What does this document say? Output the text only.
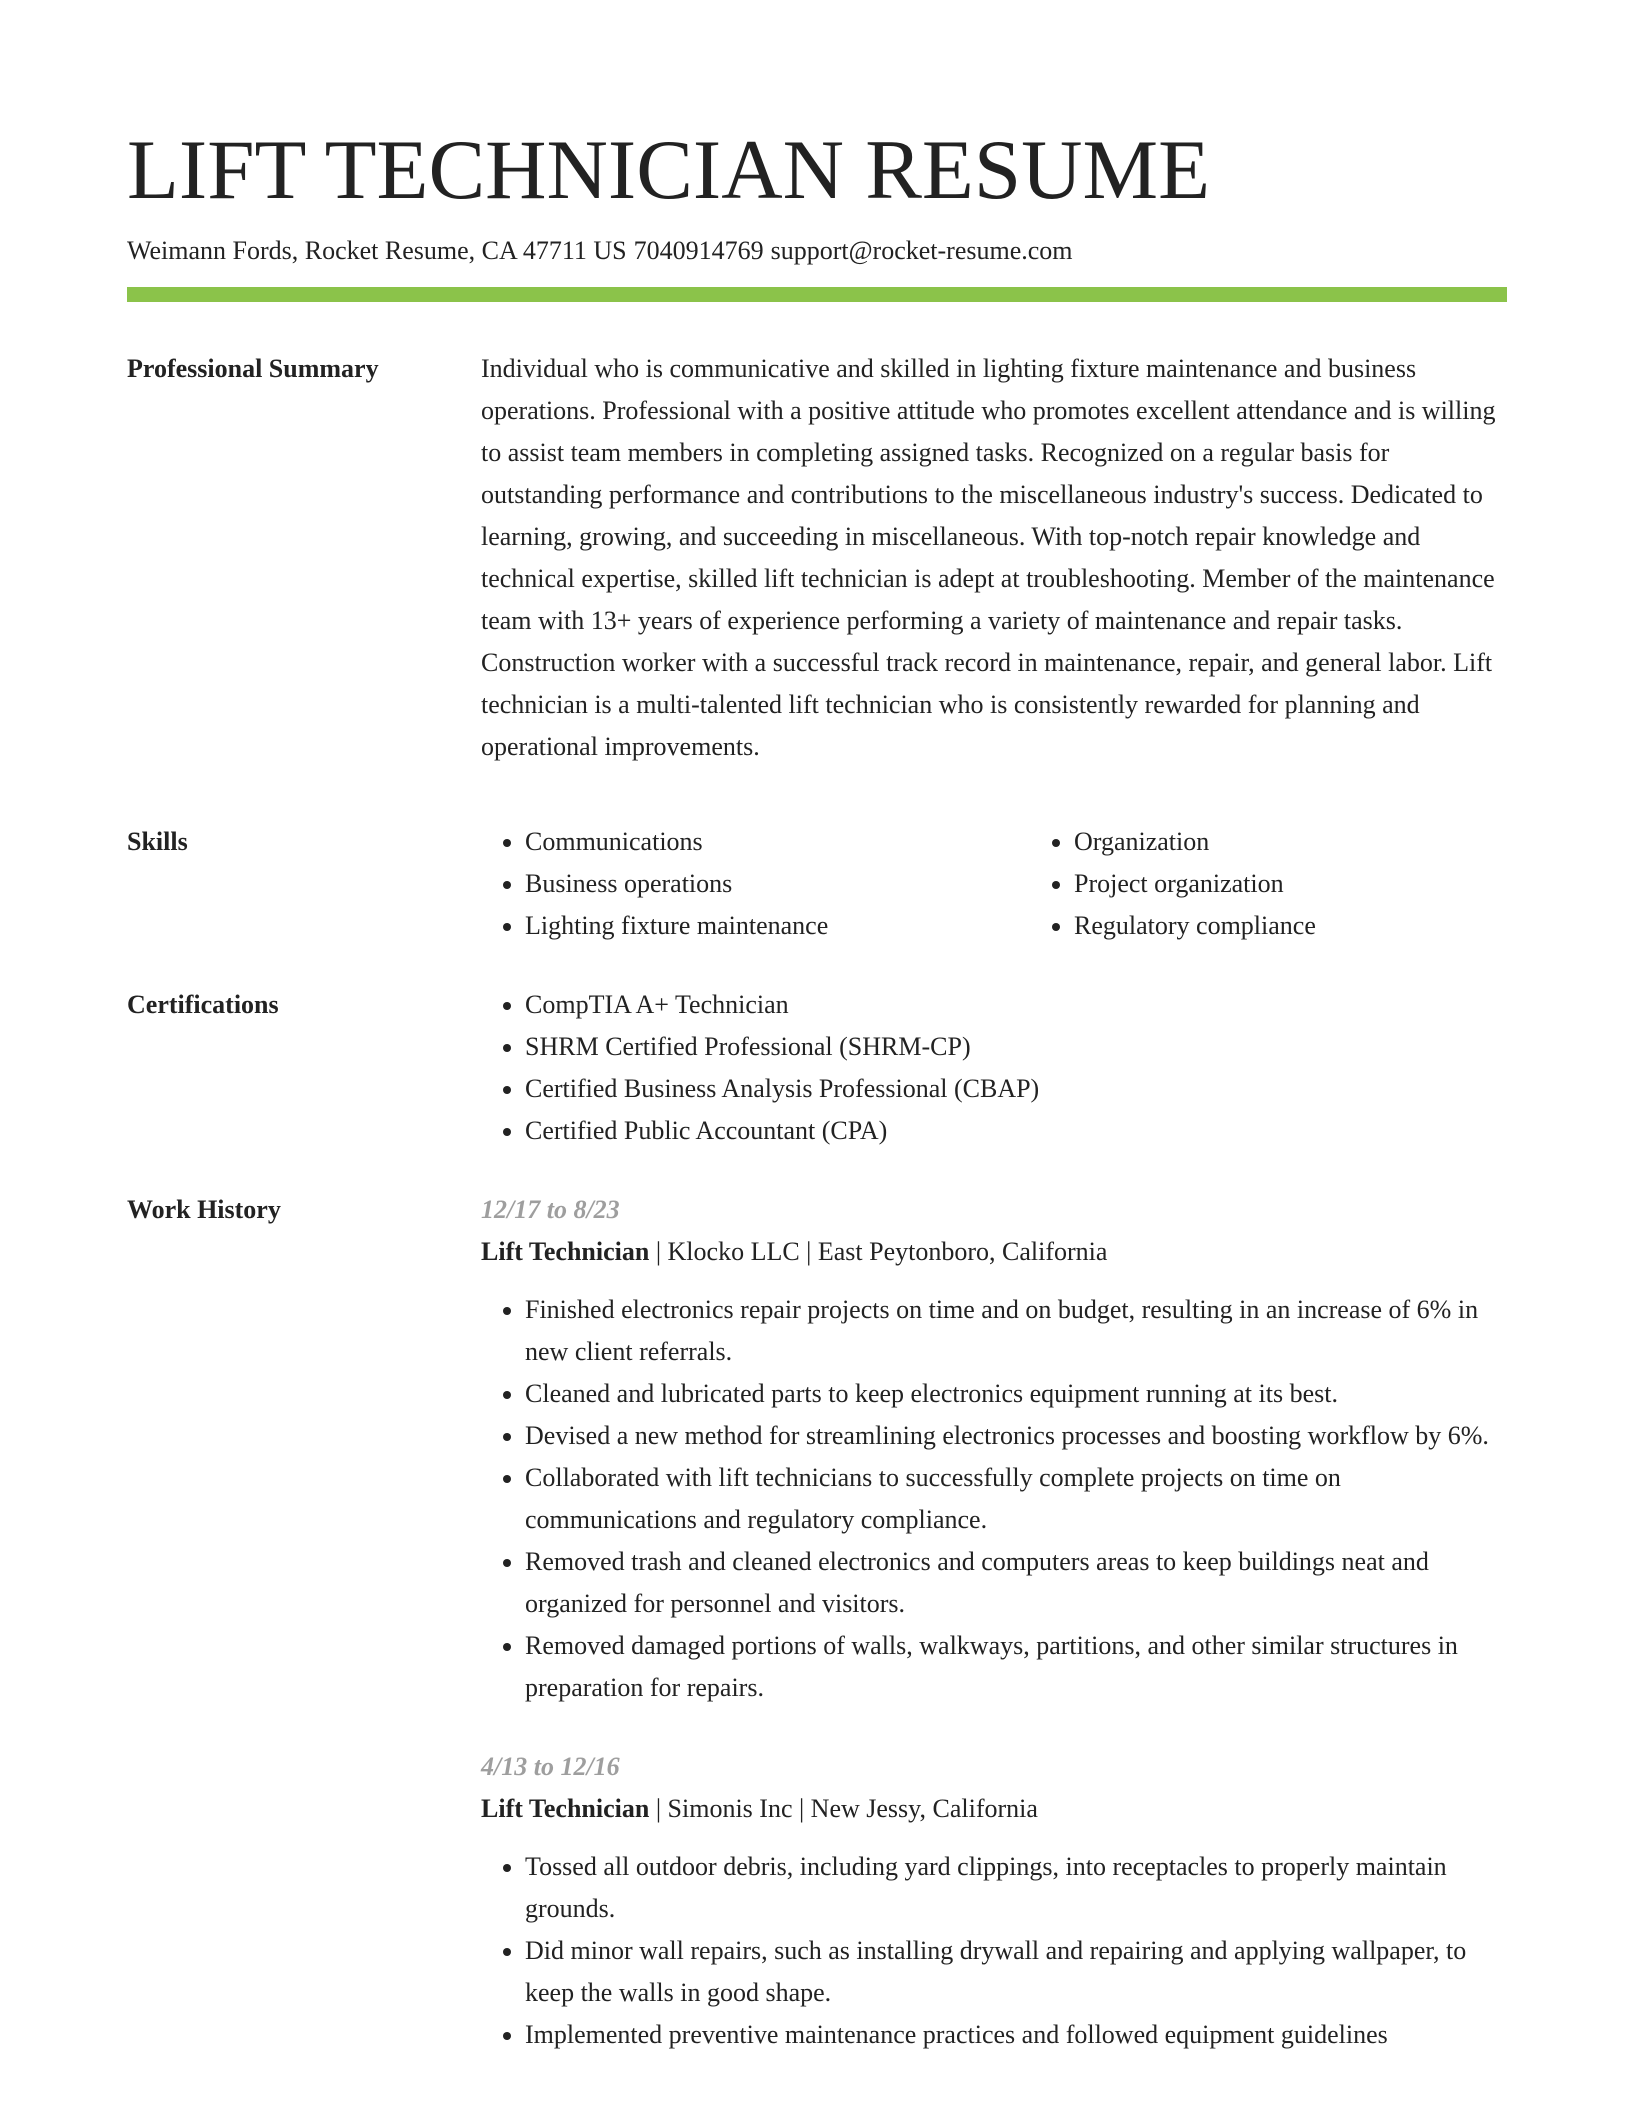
LIFT TECHNICIAN RESUME
Weimann Fords, Rocket Resume, CA 47711 US 7040914769 support@rocket-resume.com
Professional Summary	Individual who is communicative and skilled in lighting fixture maintenance and business operations. Professional with a positive attitude who promotes excellent attendance and is willing to assist team members in completing assigned tasks. Recognized on a regular basis for outstanding performance and contributions to the miscellaneous industry's success. Dedicated to learning, growing, and succeeding in miscellaneous. With top-notch repair knowledge and technical expertise, skilled lift technician is adept at troubleshooting. Member of the maintenance team with 13+ years of experience performing a variety of maintenance and repair tasks. Construction worker with a successful track record in maintenance, repair, and general labor. Lift technician is a multi-talented lift technician who is consistently rewarded for planning and operational improvements.

Skills	• Communications
• Business operations
• Lighting fixture maintenance
• Organization
• Project organization
• Regulatory compliance
Certifications	• CompTIA A+ Technician
• SHRM Certified Professional (SHRM-CP)
• Certified Business Analysis Professional (CBAP)
• Certified Public Accountant (CPA)
Work History	12/17 to 8/23
Lift Technician | Klocko LLC | East Peytonboro, California
• Finished electronics repair projects on time and on budget, resulting in an increase of 6% in new client referrals.
• Cleaned and lubricated parts to keep electronics equipment running at its best.
• Devised a new method for streamlining electronics processes and boosting workflow by 6%.
• Collaborated with lift technicians to successfully complete projects on time on communications and regulatory compliance.
• Removed trash and cleaned electronics and computers areas to keep buildings neat and organized for personnel and visitors.
• Removed damaged portions of walls, walkways, partitions, and other similar structures in preparation for repairs.
4/13 to 12/16
Lift Technician | Simonis Inc | New Jessy, California
• Tossed all outdoor debris, including yard clippings, into receptacles to properly maintain grounds.
• Did minor wall repairs, such as installing drywall and repairing and applying wallpaper, to keep the walls in good shape.
• Implemented preventive maintenance practices and followed equipment guidelines
